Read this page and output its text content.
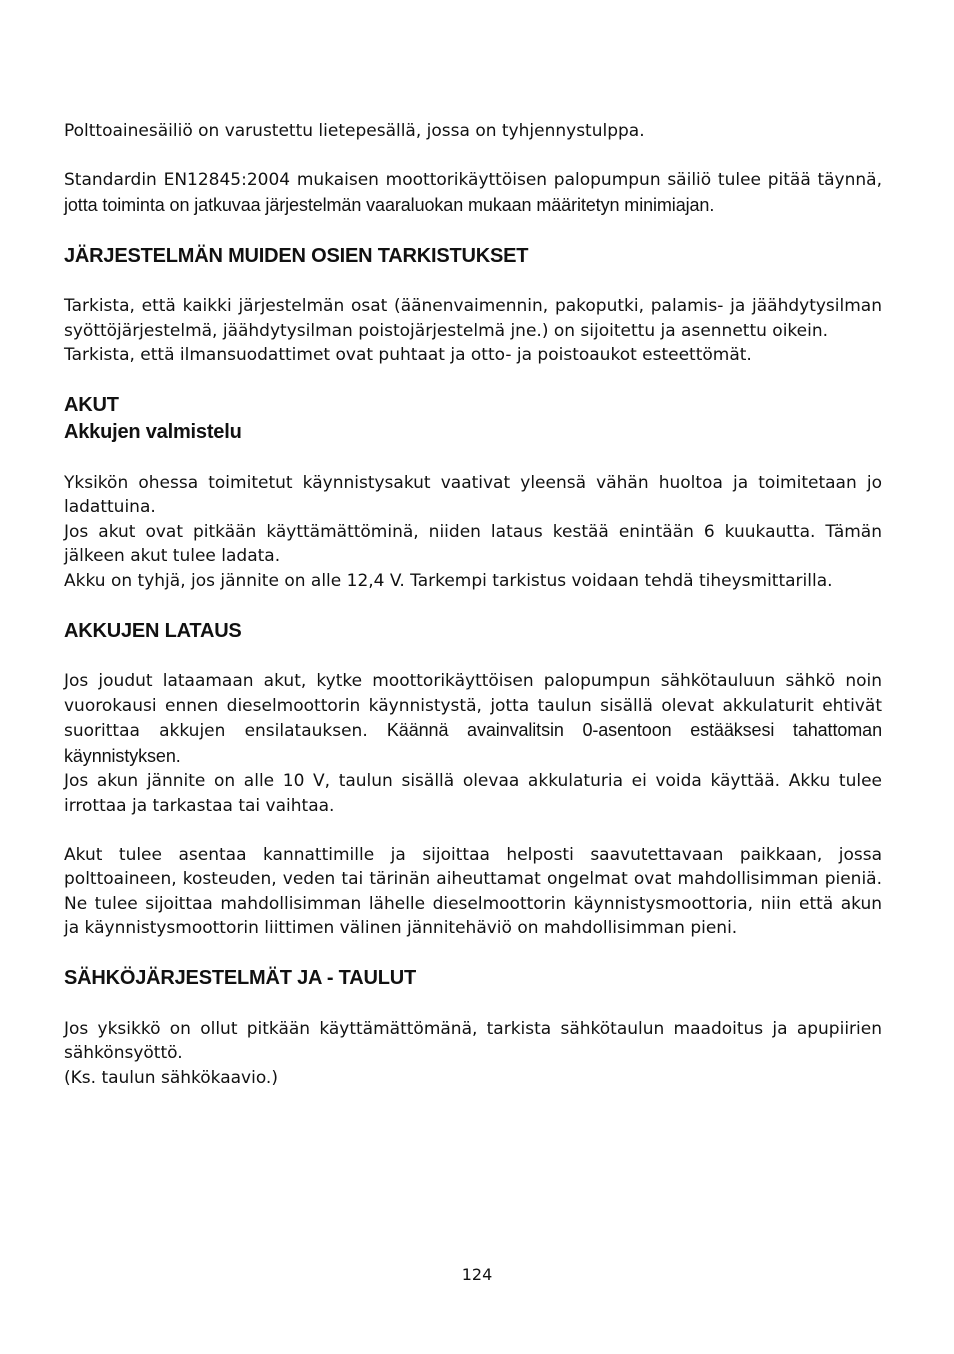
Polttoainesäiliö on varustettu lietepesällä, jossa on tyhjennystulppa.

Standardin EN12845:2004 mukaisen moottorikäyttöisen palopumpun säiliö tulee pitää täynnä, jotta toiminta on jatkuvaa järjestelmän vaaraluokan mukaan määritetyn minimiajan.

JÄRJESTELMÄN MUIDEN OSIEN TARKISTUKSET

Tarkista, että kaikki järjestelmän osat (äänenvaimennin, pakoputki, palamis- ja jäähdytysilman syöttöjärjestelmä, jäähdytysilman poistojärjestelmä jne.) on sijoitettu ja asennettu oikein.

Tarkista, että ilmansuodattimet ovat puhtaat ja otto- ja poistoaukot esteettömät.

AKUT
Akkujen valmistelu

Yksikön ohessa toimitetut käynnistysakut vaativat yleensä vähän huoltoa ja toimitetaan jo ladattuina.

Jos akut ovat pitkään käyttämättöminä, niiden lataus kestää enintään 6 kuukautta. Tämän jälkeen akut tulee ladata.

Akku on tyhjä, jos jännite on alle 12,4 V. Tarkempi tarkistus voidaan tehdä tiheysmittarilla.

AKKUJEN LATAUS

Jos joudut lataamaan akut, kytke moottorikäyttöisen palopumpun sähkötauluun sähkö noin vuorokausi ennen dieselmoottorin käynnistystä, jotta taulun sisällä olevat akkulaturit ehtivät suorittaa akkujen ensilatauksen. Käännä avainvalitsin 0-asentoon estääksesi tahattoman käynnistyksen.

Jos akun jännite on alle 10 V, taulun sisällä olevaa akkulaturia ei voida käyttää. Akku tulee irrottaa ja tarkastaa tai vaihtaa.

Akut tulee asentaa kannattimille ja sijoittaa helposti saavutettavaan paikkaan, jossa polttoaineen, kosteuden, veden tai tärinän aiheuttamat ongelmat ovat mahdollisimman pieniä. Ne tulee sijoittaa mahdollisimman lähelle dieselmoottorin käynnistysmoottoria, niin että akun ja käynnistysmoottorin liittimen välinen jännitehäviö on mahdollisimman pieni.

SÄHKÖJÄRJESTELMÄT JA - TAULUT

Jos yksikkö on ollut pitkään käyttämättömänä, tarkista sähkötaulun maadoitus ja apupiirien sähkönsyöttö.

(Ks. taulun sähkökaavio.)

124
